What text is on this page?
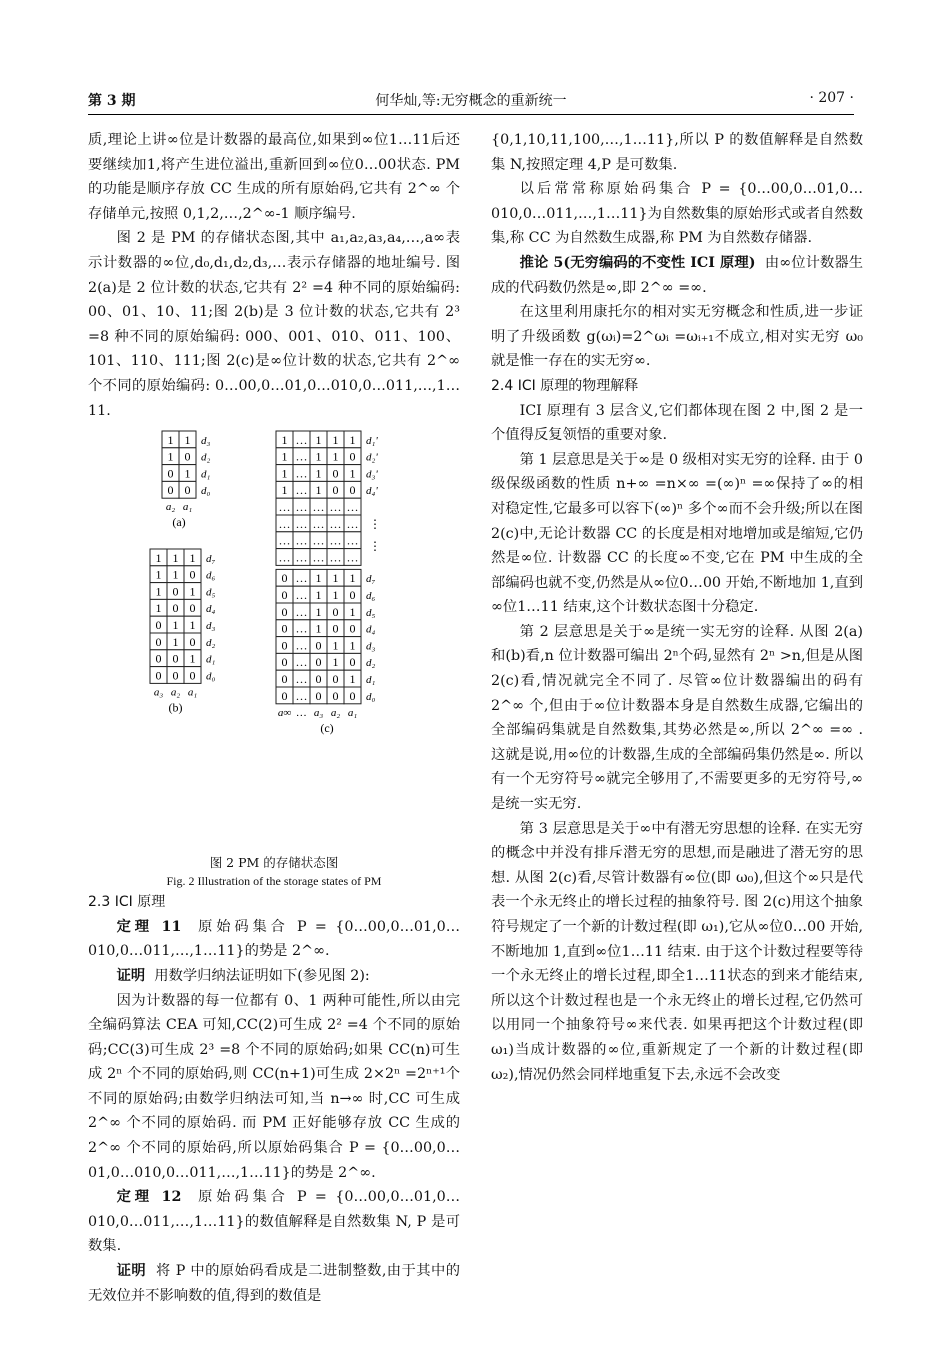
第 3 期	何华灿,等:无穷概念的重新统一	· 207 ·

质,理论上讲∞位是计数器的最高位,如果到∞位1…11后还要继续加1,将产生进位溢出,重新回到∞位0…00状态. PM 的功能是顺序存放 CC 生成的所有原始码,它共有 2^∞ 个存储单元,按照 0,1,2,…,2^∞-1 顺序编号.

图 2 是 PM 的存储状态图,其中 a₁,a₂,a₃,a₄,…,a∞表示计数器的∞位,d₀,d₁,d₂,d₃,…表示存储器的地址编号. 图 2(a)是 2 位计数的状态,它共有 2² =4 种不同的原始编码: 00、01、10、11;图 2(b)是 3 位计数的状态,它共有 2³ =8 种不同的原始编码: 000、001、010、011、100、101、110、111;图 2(c)是∞位计数的状态,它共有 2^∞ 个不同的原始编码: 0…00,0…01,0…010,0…011,…,1…11.

1 1 d₃
1 0 d₂
0 1 d₁
0 0 d₀
a₂ a₁
(a)
1 1 1 d₇
1 1 0 d₆
1 0 1 d₅
1 0 0 d₄
0 1 1 d₃
0 1 0 d₂
0 0 1 d₁
0 0 0 d₀
a₃ a₂ a₁
(b)
1 … 1 1 1 d₁'
1 … 1 1 0 d₂'
1 … 1 0 1 d₃'
1 … 1 0 0 d₄'
… … … … …
… … … … …
… … … … …
… … … … …
⋮
⋮
0 … 1 1 1 d₇
0 … 1 1 0 d₆
0 … 1 0 1 d₅
0 … 1 0 0 d₄
0 … 0 1 1 d₃
0 … 0 1 0 d₂
0 … 0 0 1 d₁
0 … 0 0 0 d₀
a∞ … a₃ a₂ a₁
(c)

图 2 PM 的存储状态图

Fig. 2 Illustration of the storage states of PM

2.3 ICI 原理

定理 11 原始码集合 P = {0…00,0…01,0…010,0…011,…,1…11}的势是 2^∞.

证明 用数学归纳法证明如下(参见图 2):

因为计数器的每一位都有 0、1 两种可能性,所以由完全编码算法 CEA 可知,CC(2)可生成 2² =4 个不同的原始码;CC(3)可生成 2³ =8 个不同的原始码;如果 CC(n)可生成 2ⁿ 个不同的原始码,则 CC(n+1)可生成 2×2ⁿ =2ⁿ⁺¹个不同的原始码;由数学归纳法可知,当 n→∞ 时,CC 可生成 2^∞ 个不同的原始码. 而 PM 正好能够存放 CC 生成的 2^∞ 个不同的原始码,所以原始码集合 P = {0…00,0…01,0…010,0…011,…,1…11}的势是 2^∞.

定理 12 原始码集合 P = {0…00,0…01,0…010,0…011,…,1…11}的数值解释是自然数集 N, P 是可数集.

证明 将 P 中的原始码看成是二进制整数,由于其中的无效位并不影响数的值,得到的数值是

{0,1,10,11,100,…,1…11},所以 P 的数值解释是自然数集 N,按照定理 4,P 是可数集.

以后常常称原始码集合 P = {0…00,0…01,0…010,0…011,…,1…11}为自然数集的原始形式或者自然数集,称 CC 为自然数生成器,称 PM 为自然数存储器.

推论 5(无穷编码的不变性 ICI 原理) 由∞位计数器生成的代码数仍然是∞,即 2^∞ =∞.

在这里利用康托尔的相对实无穷概念和性质,进一步证明了升级函数 g(ωᵢ)=2^ωᵢ =ωᵢ₊₁不成立,相对实无穷 ω₀ 就是惟一存在的实无穷∞.

2.4 ICI 原理的物理解释

ICI 原理有 3 层含义,它们都体现在图 2 中,图 2 是一个值得反复领悟的重要对象.

第 1 层意思是关于∞是 0 级相对实无穷的诠释. 由于 0 级保级函数的性质 n+∞ =n×∞ =(∞)ⁿ =∞保持了∞的相对稳定性,它最多可以容下(∞)ⁿ 多个∞而不会升级;所以在图 2(c)中,无论计数器 CC 的长度是相对地增加或是缩短,它仍然是∞位. 计数器 CC 的长度∞不变,它在 PM 中生成的全部编码也就不变,仍然是从∞位0…00 开始,不断地加 1,直到∞位1…11 结束,这个计数状态图十分稳定.

第 2 层意思是关于∞是统一实无穷的诠释. 从图 2(a)和(b)看,n 位计数器可编出 2ⁿ个码,显然有 2ⁿ >n,但是从图 2(c)看,情况就完全不同了. 尽管∞位计数器编出的码有 2^∞ 个,但由于∞位计数器本身是自然数生成器,它编出的全部编码集就是自然数集,其势必然是∞,所以 2^∞ =∞ . 这就是说,用∞位的计数器,生成的全部编码集仍然是∞. 所以有一个无穷符号∞就完全够用了,不需要更多的无穷符号,∞是统一实无穷.

第 3 层意思是关于∞中有潜无穷思想的诠释. 在实无穷的概念中并没有排斥潜无穷的思想,而是融进了潜无穷的思想. 从图 2(c)看,尽管计数器有∞位(即 ω₀),但这个∞只是代表一个永无终止的增长过程的抽象符号. 图 2(c)用这个抽象符号规定了一个新的计数过程(即 ω₁),它从∞位0…00 开始,不断地加 1,直到∞位1…11 结束. 由于这个计数过程要等待一个永无终止的增长过程,即全1…11状态的到来才能结束,所以这个计数过程也是一个永无终止的增长过程,它仍然可以用同一个抽象符号∞来代表. 如果再把这个计数过程(即 ω₁)当成计数器的∞位,重新规定了一个新的计数过程(即 ω₂),情况仍然会同样地重复下去,永远不会改变
